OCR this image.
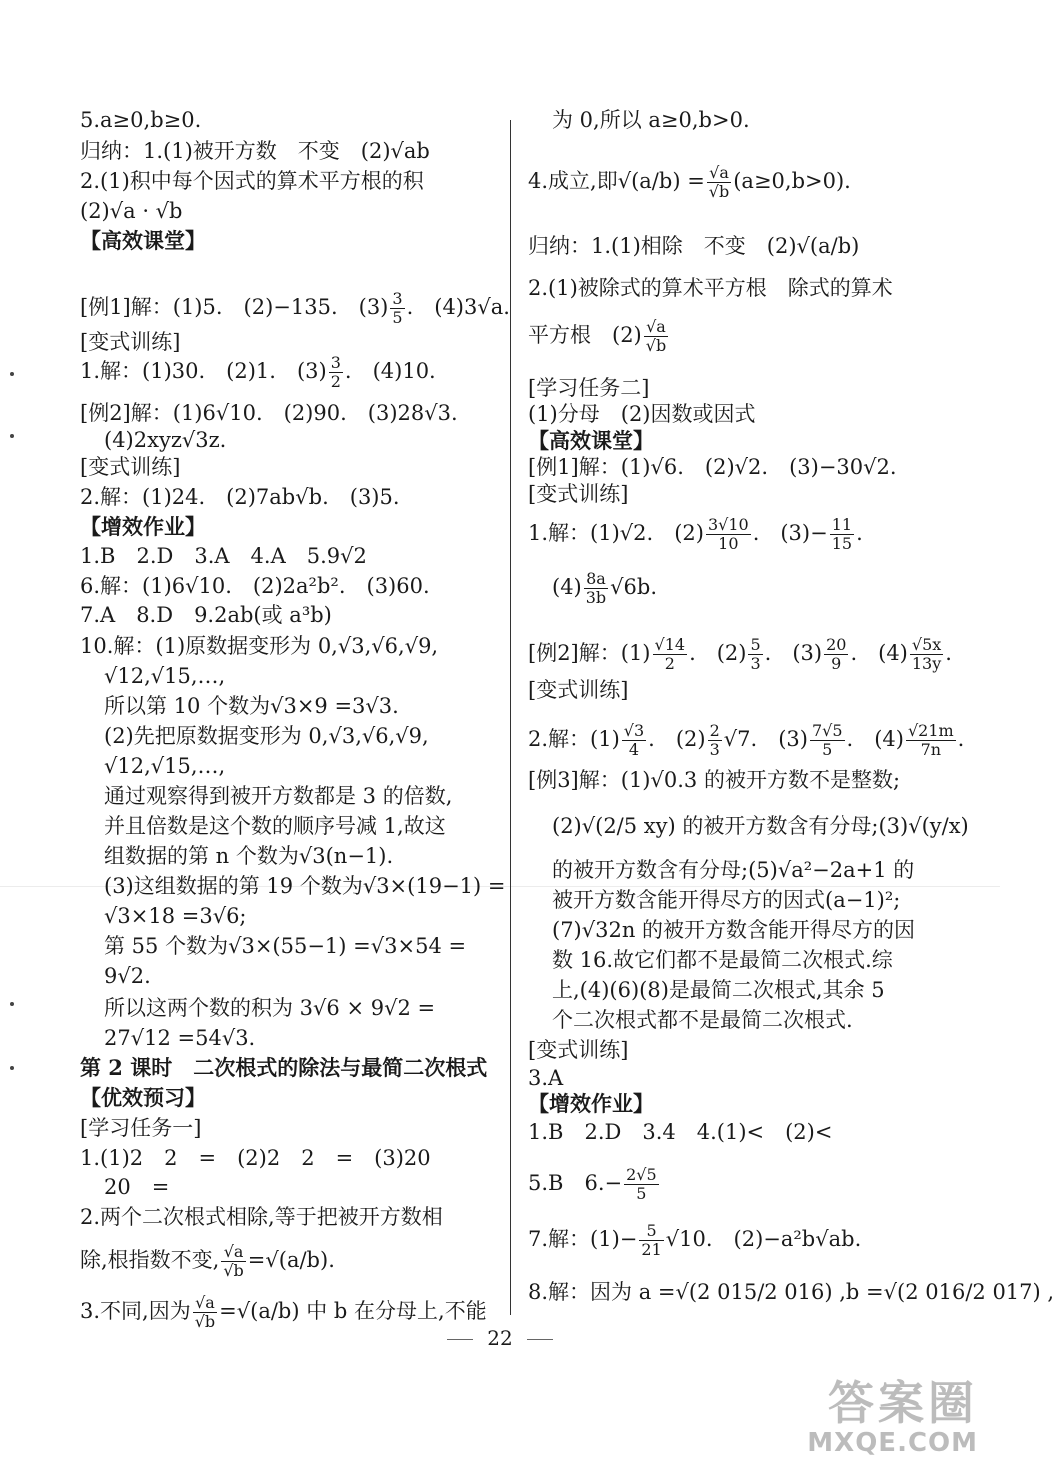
5.a≥0,b≥0.
归纳：1.(1)被开方数　不变　(2)√ab
2.(1)积中每个因式的算术平方根的积
(2)√a · √b
【高效课堂】
[例1]解：(1)5.　(2)−135.　$(3) \frac{3}{5}$ .　(4)3√a.
[变式训练]
1.解：(1)30.　(2)1.　$(3) \frac{3}{2}$ .　(4)10.
[例2]解：(1)6√10.　(2)90.　(3)28√3.
(4)2xyz√3z.
[变式训练]
2.解：(1)24.　(2)7ab√b.　(3)5.
【增效作业】
1.B　2.D　3.A　4.A　5.9√2
6.解：(1)6√10.　(2)2a²b².　(3)60.
7.A　8.D　9.2ab(或 a³b)
10.解：(1)原数据变形为 0,√3,√6,√9,
√12,√15,…,
所以第 10 个数为√3×9 =3√3.
(2)先把原数据变形为 0,√3,√6,√9,
√12,√15,…,
通过观察得到被开方数都是 3 的倍数,
并且倍数是这个数的顺序号减 1,故这
组数据的第 n 个数为√3(n−1).
(3)这组数据的第 19 个数为√3×(19−1) =
√3×18 =3√6;
第 55 个数为√3×(55−1) =√3×54 =
9√2.
所以这两个数的积为 3√6 × 9√2 =
27√12 =54√3.
第 2 课时　二次根式的除法与最简二次根式
【优效预习】
[学习任务一]
1.(1)2　2　=　(2)2　2　=　(3)20
20　=
2.两个二次根式相除,等于把被开方数相
除,根指数不变, $\frac{√a}{√b} =√(a/b)$.
3.不同,因为 $\frac{√a}{√b} =√(a/b)$ 中 b 在分母上,不能
为 0,所以 a≥0,b>0.
4.成立,即$√(a/b) = \frac{√a}{√b} (a\ge 0,b>0)$.
归纳：1.(1)相除　不变　(2)√(a/b)
2.(1)被除式的算术平方根　除式的算术
平方根　$(2) \frac{√a}{√b}$
[学习任务二]
(1)分母　(2)因数或因式
【高效课堂】
[例1]解：(1)√6.　(2)√2.　(3)−30√2.
[变式训练]
1.解：(1)√2.　$(2) \frac{3√10}{10}$ .　$(3)- \frac{11}{15}$ .
$(4) \frac{8a}{3b} √6b$.
[例2]解：$(1) \frac{√14}{2}$ .　$(2) \frac{5}{3}$ .　$(3) \frac{20}{9}$ .　$(4) \frac{√5x}{13y}$ .
[变式训练]
2.解：$(1) \frac{√3}{4}$ .　$(2) \frac{2}{3} √7$.　$(3) \frac{7√5}{5}$ .　$(4) \frac{√21m}{7n}$ .
[例3]解：(1)√0.3 的被开方数不是整数;
(2)√(2/5 xy) 的被开方数含有分母;(3)√(y/x)
的被开方数含有分母;(5)√a²−2a+1 的
被开方数含能开得尽方的因式(a−1)²;
(7)√32n 的被开方数含能开得尽方的因
数 16.故它们都不是最简二次根式.综
上,(4)(6)(8)是最简二次根式,其余 5
个二次根式都不是最简二次根式.
[变式训练]
3.A
【增效作业】
1.B　2.D　3.4　4.(1)<　(2)<
5.B　$6.- \frac{2√5}{5}$
7.解：$(1)- \frac{5}{21} √10$.　(2)−a²b√ab.
8.解：因为 a =√(2 015/2 016) ,b =√(2 016/2 017) ,
22
答案圈
MXQE.COM
